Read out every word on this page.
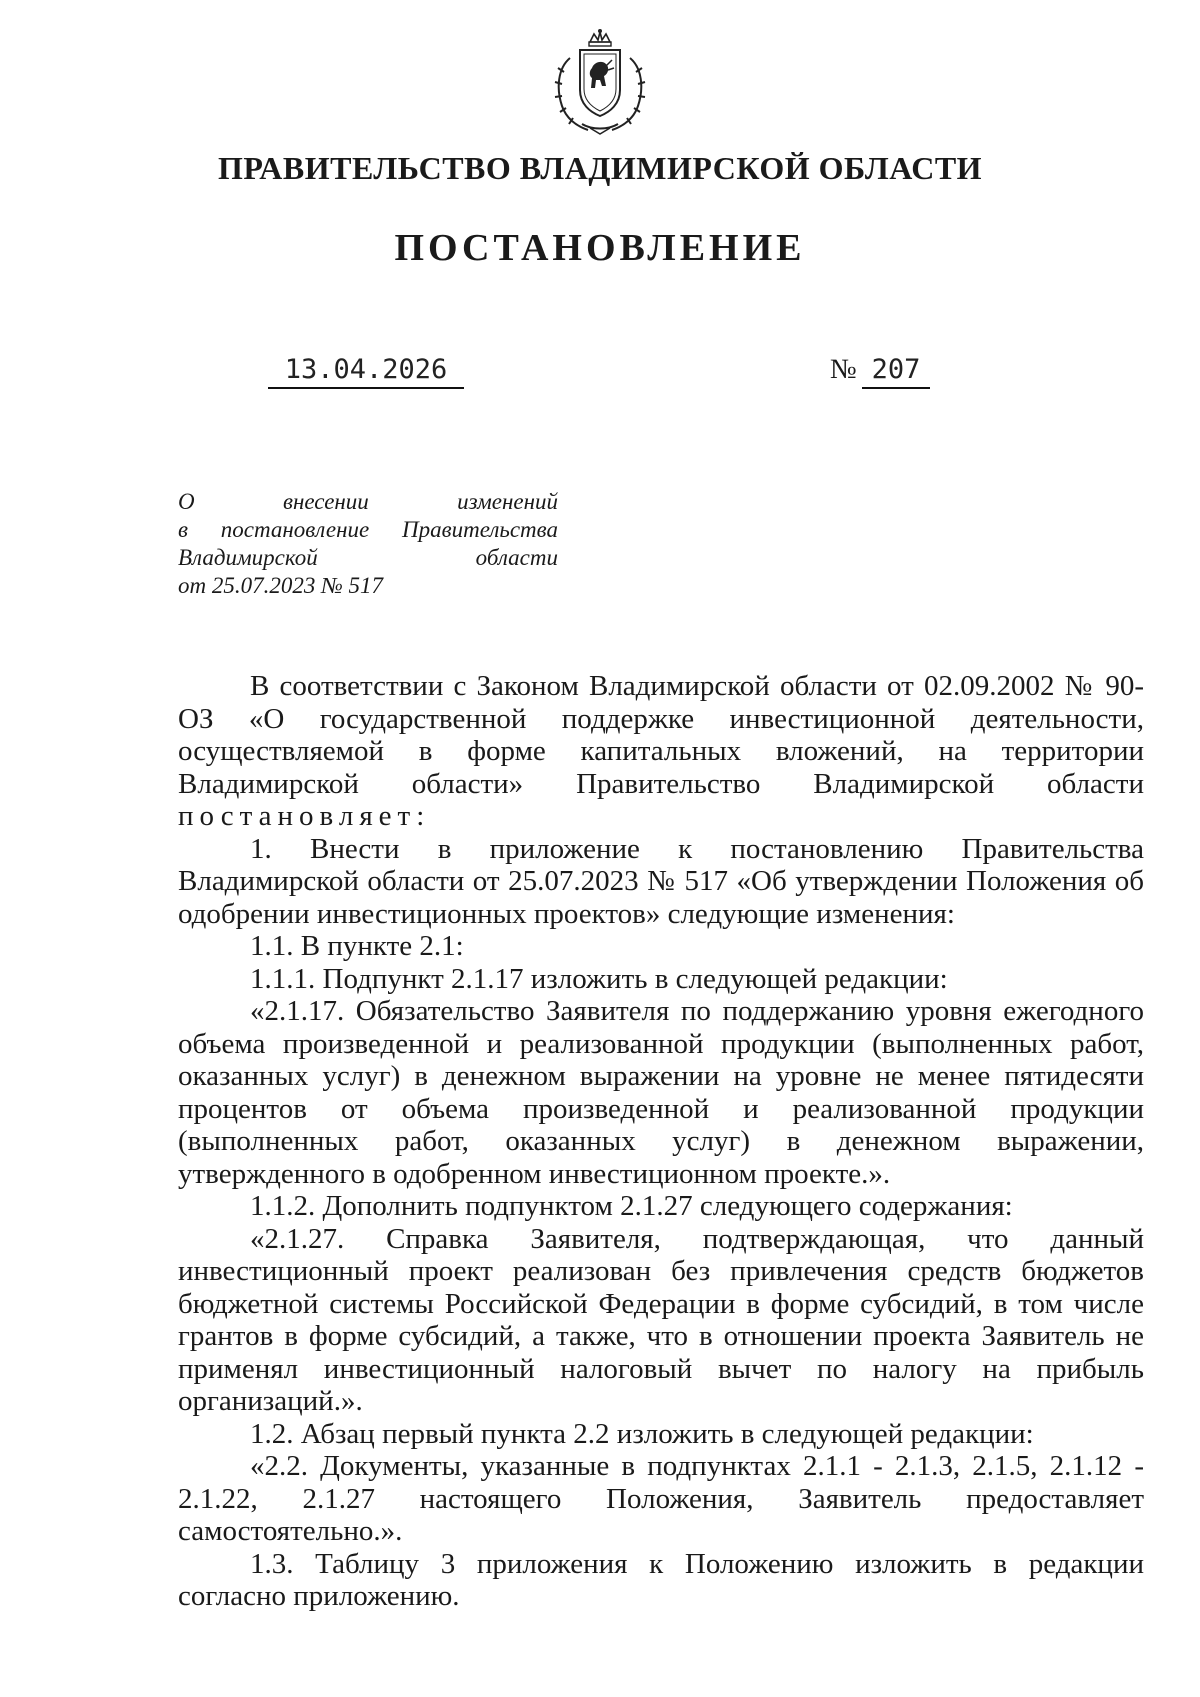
ПРАВИТЕЛЬСТВО ВЛАДИМИРСКОЙ ОБЛАСТИ
ПОСТАНОВЛЕНИЕ
13.04.2026	№ 207
О внесении изменений
в постановление Правительства
Владимирской области
от 25.07.2023 № 517

В соответствии с Законом Владимирской области от 02.09.2002 № 90-ОЗ «О государственной поддержке инвестиционной деятельности, осуществляемой в форме капитальных вложений, на территории Владимирской области» Правительство Владимирской области постановляет:

1. Внести в приложение к постановлению Правительства Владимирской области от 25.07.2023 № 517 «Об утверждении Положения об одобрении инвестиционных проектов» следующие изменения:

1.1. В пункте 2.1:

1.1.1. Подпункт 2.1.17 изложить в следующей редакции:

«2.1.17. Обязательство Заявителя по поддержанию уровня ежегодного объема произведенной и реализованной продукции (выполненных работ, оказанных услуг) в денежном выражении на уровне не менее пятидесяти процентов от объема произведенной и реализованной продукции (выполненных работ, оказанных услуг) в денежном выражении, утвержденного в одобренном инвестиционном проекте.».

1.1.2. Дополнить подпунктом 2.1.27 следующего содержания:

«2.1.27. Справка Заявителя, подтверждающая, что данный инвестиционный проект реализован без привлечения средств бюджетов бюджетной системы Российской Федерации в форме субсидий, в том числе грантов в форме субсидий, а также, что в отношении проекта Заявитель не применял инвестиционный налоговый вычет по налогу на прибыль организаций.».

1.2. Абзац первый пункта 2.2 изложить в следующей редакции:

«2.2. Документы, указанные в подпунктах 2.1.1 - 2.1.3, 2.1.5, 2.1.12 - 2.1.22, 2.1.27 настоящего Положения, Заявитель предоставляет самостоятельно.».

1.3. Таблицу 3 приложения к Положению изложить в редакции согласно приложению.
